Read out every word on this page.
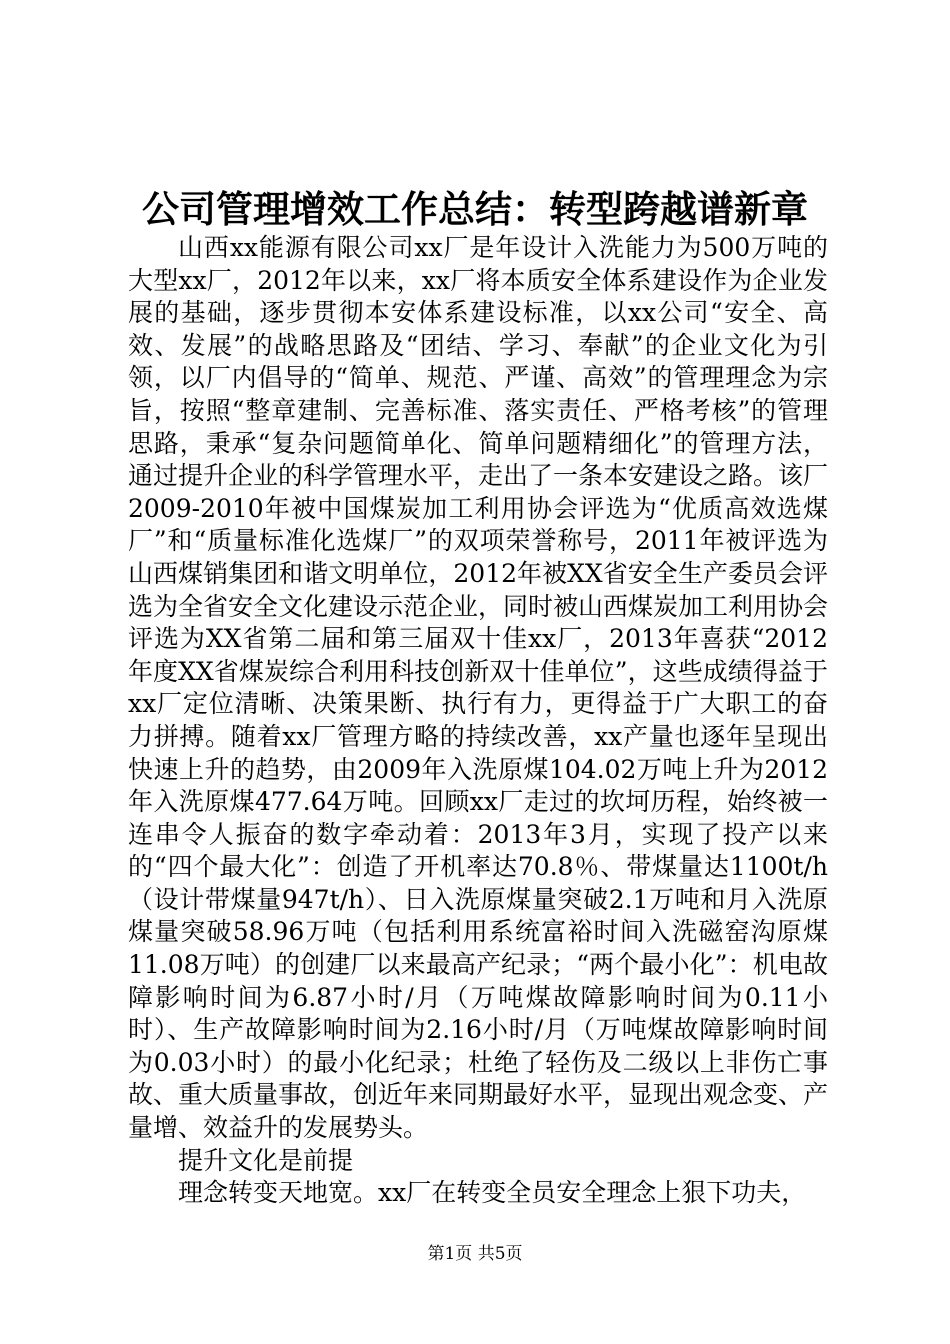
公司管理增效工作总结：转型跨越谱新章

山西xx能源有限公司xx厂是年设计入洗能力为500万吨的大型xx厂，2012年以来，xx厂将本质安全体系建设作为企业发展的基础，逐步贯彻本安体系建设标准，以xx公司“安全、高效、发展”的战略思路及“团结、学习、奉献”的企业文化为引领，以厂内倡导的“简单、规范、严谨、高效”的管理理念为宗旨，按照“整章建制、完善标准、落实责任、严格考核”的管理思路，秉承“复杂问题简单化、简单问题精细化”的管理方法，通过提升企业的科学管理水平，走出了一条本安建设之路。该厂2009-2010年被中国煤炭加工利用协会评选为“优质高效选煤厂”和“质量标准化选煤厂”的双项荣誉称号，2011年被评选为山西煤销集团和谐文明单位，2012年被XX省安全生产委员会评选为全省安全文化建设示范企业，同时被山西煤炭加工利用协会评选为XX省第二届和第三届双十佳xx厂，2013年喜获“2012年度XX省煤炭综合利用科技创新双十佳单位”，这些成绩得益于xx厂定位清晰、决策果断、执行有力，更得益于广大职工的奋力拼搏。随着xx厂管理方略的持续改善，xx产量也逐年呈现出快速上升的趋势，由2009年入洗原煤104.02万吨上升为2012年入洗原煤477.64万吨。回顾xx厂走过的坎坷历程，始终被一连串令人振奋的数字牵动着：2013年3月，实现了投产以来的“四个最大化”：创造了开机率达70.8％、带煤量达1100t/h（设计带煤量947t/h）、日入洗原煤量突破2.1万吨和月入洗原煤量突破58.96万吨（包括利用系统富裕时间入洗磁窑沟原煤11.08万吨）的创建厂以来最高产纪录；“两个最小化”：机电故障影响时间为6.87小时/月（万吨煤故障影响时间为0.11小时）、生产故障影响时间为2.16小时/月（万吨煤故障影响时间为0.03小时）的最小化纪录；杜绝了轻伤及二级以上非伤亡事故、重大质量事故，创近年来同期最好水平，显现出观念变、产量增、效益升的发展势头。

提升文化是前提

理念转变天地宽。xx厂在转变全员安全理念上狠下功夫，

第1页 共5页
